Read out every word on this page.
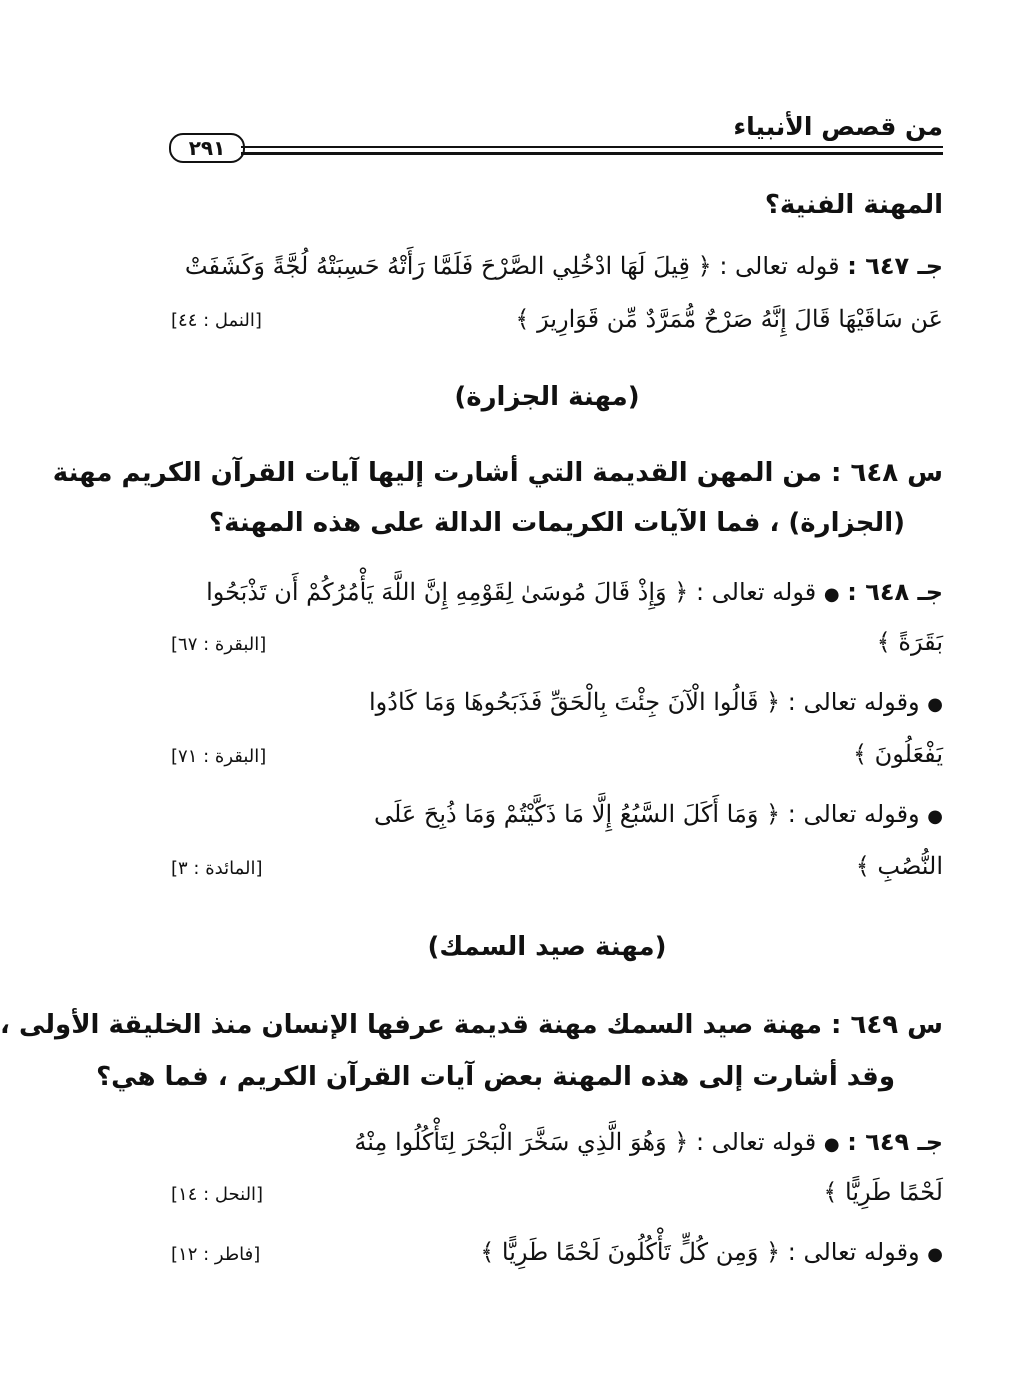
من قصص الأنبياء
٢٩١
المهنة الفنية؟
جـ ٦٤٧ : قوله تعالى : ﴿ قِيلَ لَهَا ادْخُلِي الصَّرْحَ فَلَمَّا رَأَتْهُ حَسِبَتْهُ لُجَّةً وَكَشَفَتْ
عَن سَاقَيْهَا قَالَ إِنَّهُ صَرْحٌ مُّمَرَّدٌ مِّن قَوَارِيرَ ﴾
[النمل : ٤٤]
(مهنة الجزارة)
س ٦٤٨ : من المهن القديمة التي أشارت إليها آيات القرآن الكريم مهنة
(الجزارة) ، فما الآيات الكريمات الدالة على هذه المهنة؟
جـ ٦٤٨ : ● قوله تعالى : ﴿ وَإِذْ قَالَ مُوسَىٰ لِقَوْمِهِ إِنَّ اللَّهَ يَأْمُرُكُمْ أَن تَذْبَحُوا
بَقَرَةً ﴾
[البقرة : ٦٧]
● وقوله تعالى : ﴿ قَالُوا الْآنَ جِئْتَ بِالْحَقِّ فَذَبَحُوهَا وَمَا كَادُوا
يَفْعَلُونَ ﴾
[البقرة : ٧١]
● وقوله تعالى : ﴿ وَمَا أَكَلَ السَّبُعُ إِلَّا مَا ذَكَّيْتُمْ وَمَا ذُبِحَ عَلَى
النُّصُبِ ﴾
[المائدة : ٣]
(مهنة صيد السمك)
س ٦٤٩ : مهنة صيد السمك مهنة قديمة عرفها الإنسان منذ الخليقة الأولى ،
وقد أشارت إلى هذه المهنة بعض آيات القرآن الكريم ، فما هي؟
جـ ٦٤٩ : ● قوله تعالى : ﴿ وَهُوَ الَّذِي سَخَّرَ الْبَحْرَ لِتَأْكُلُوا مِنْهُ
لَحْمًا طَرِيًّا ﴾
[النحل : ١٤]
● وقوله تعالى : ﴿ وَمِن كُلٍّ تَأْكُلُونَ لَحْمًا طَرِيًّا ﴾
[فاطر : ١٢]
